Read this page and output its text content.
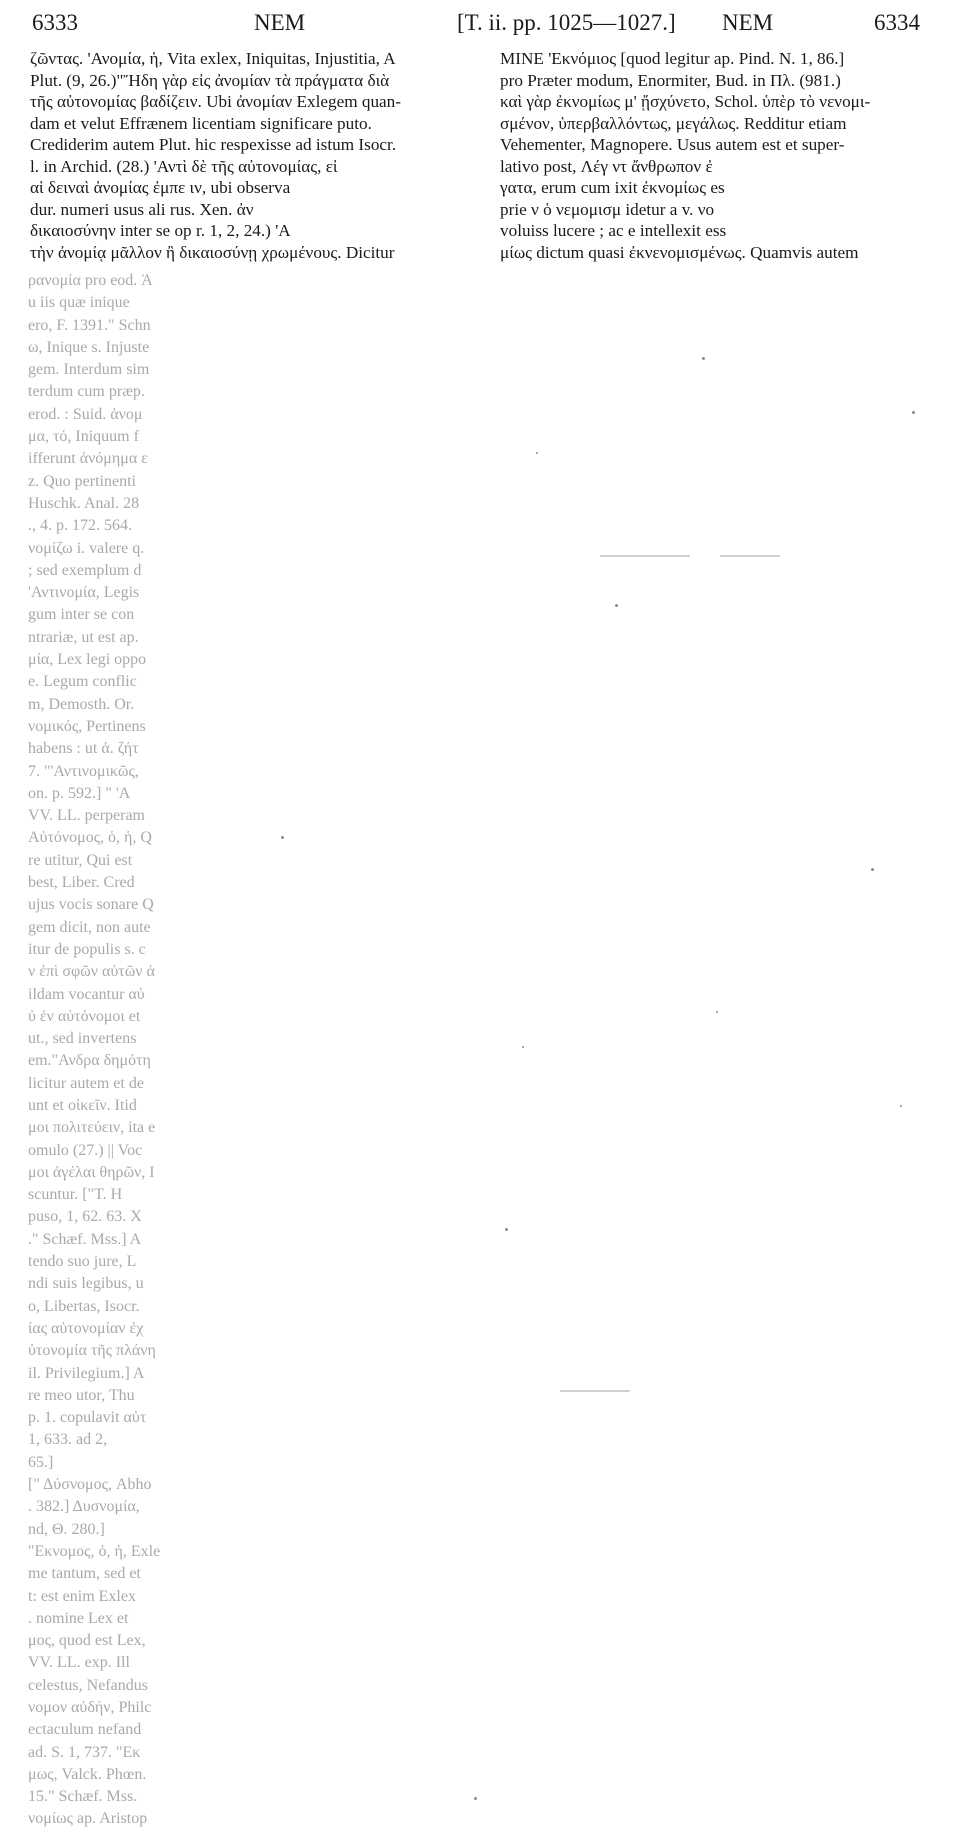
6333	NEM	[T. ii. pp. 1025—1027.] NEM	6334
ζῶντας. 'Ανομία, ἡ, Vita exlex, Iniquitas, Injustitia, A
Plut. (9, 26.)"Ἤδη γὰρ εἰς ἀνομίαν τὰ πράγματα διὰ
τῆς αὐτονομίας βαδίζειν. Ubi ἀνομίαν Exlegem quan-
dam et velut Effrænem licentiam significare puto.
Crediderim autem Plut. hic respexisse ad istum Isocr.
l. in Archid. (28.) 'Αντὶ δὲ τῆς αὐτονομίας, εἰ
αἱ δειναὶ ἀνομίας ἐμπε ιν, ubi observa
dur. numeri usus ali rus. Xen. ἀν
δικαιοσύνην inter se op r. 1, 2, 24.) 'Α
τὴν ἀνομίᾳ μᾶλλον ἢ δικαιοσύνῃ χρωμένους. Dicitur
MINE 'Εκνόμιος [quod legitur ap. Pind. N. 1, 86.]
pro Præter modum, Enormiter, Bud. in Πλ. (981.)
καὶ γὰρ ἐκνομίως μ' ᾔσχύνετο, Schol. ὑπὲρ τὸ νενομι-
σμένον, ὑπερβαλλόντως, μεγάλως. Redditur etiam
Vehementer, Magnopere. Usus autem est et super-
lativo post, Λέγ ντ ἄνθρωπον ἐ
γατα, erum cum ixit ἐκνομίως es
prie ν ὁ νεμομισμ idetur a v. νο
voluiss lucere ; ac e intellexit ess
μίως dictum quasi ἐκνενομισμένως. Quamvis autem
ρανομία pro eod. Ά
u iis quæ inique
ero, F. 1391." Schn
ω, Inique s. Injuste
gem. Interdum sim
terdum cum præp.
erod. : Suid. ἀνομ
μα, τό, Iniquum f
ifferunt ἀνόμημα ε
z. Quo pertinenti
Huschk. Anal. 28
., 4. p. 172. 564.
νομίζω i. valere q.
; sed exemplum d
'Αντινομία, Legis
gum inter se con
ntrariæ, ut est ap.
μία, Lex legi oppo
e. Legum conflic
m, Demosth. Or.
νομικός, Pertinens
habens : ut ἀ. ζήτ
7. "'Αντινομικῶς,
on. p. 592.] " 'A
VV. LL. perperam
Αὐτόνομος, ὁ, ἡ, Q
re utitur, Qui est
best, Liber. Cred
ujus vocis sonare Q
gem dicit, non aute
itur de populis s. c
ν ἐπὶ σφῶν αὐτῶν ἀ
ildam vocantur αὐ
ὐ ἐν αὐτόνομοι et
ut., sed invertens
em."Ανδρα δημότη
licitur autem et de
unt et οἰκεῖν. Itid
μοι πολιτεύειν, ita e
omulo (27.) || Voc
μοι ἀγέλαι θηρῶν, I
scuntur. ["T. H
puso, 1, 62. 63. X
." Schæf. Mss.] A
tendo suo jure, L
ndi suis legibus, u
o, Libertas, Isocr.
ίας αὐτονομίαν ἐχ
ὐτονομία τῆς πλάνη
il. Privilegium.] A
re meo utor, Thu
p. 1. copulavit αὐτ
1, 633. ad 2,
65.]
[" Δύσνομος, Abho
. 382.] Δυσνομία,
nd, Θ. 280.]
"Εκνομος, ὁ, ἡ, Exle
me tantum, sed et
t: est enim Exlex
. nomine Lex et
μος, quod est Lex,
VV. LL. exp. Ill
celestus, Nefandus
νομον αὐδήν, Philc
ectaculum nefand
ad. S. 1, 737. "Εκ
μως, Valck. Phœn.
15." Schæf. Mss.
νομίως ap. Aristop
